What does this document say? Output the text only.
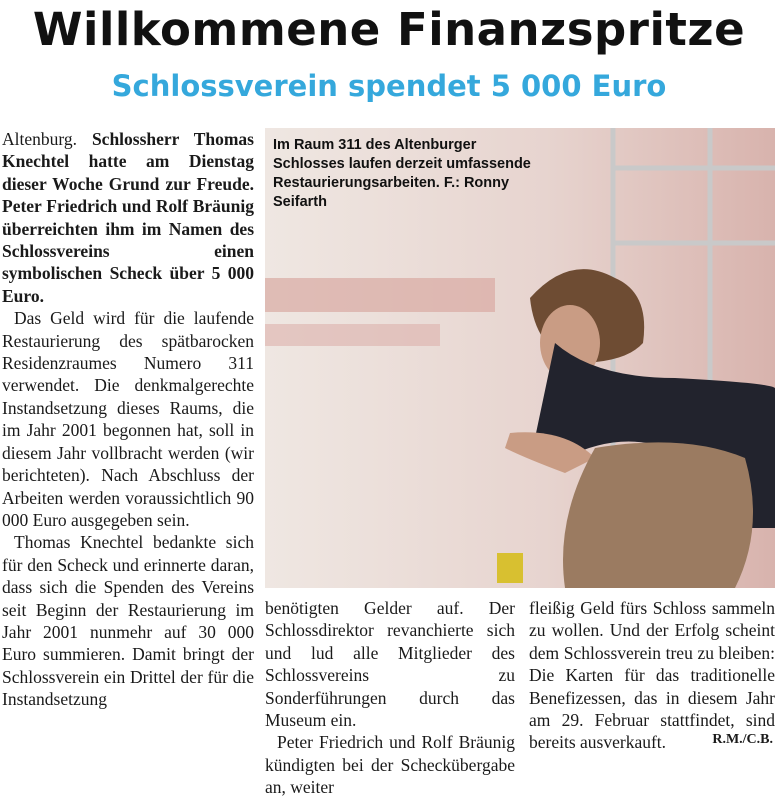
Willkommene Finanzspritze
Schlossverein spendet 5 000 Euro

Altenburg. Schlossherr Thomas Knechtel hatte am Dienstag dieser Woche Grund zur Freude. Peter Friedrich und Rolf Bräunig überreichten ihm im Namen des Schlossvereins einen symbolischen Scheck über 5 000 Euro.

Das Geld wird für die laufende Restaurierung des spätbarocken Residenzraumes Numero 311 verwendet. Die denkmalgerechte Instandsetzung dieses Raums, die im Jahr 2001 begonnen hat, soll in diesem Jahr vollbracht werden (wir berichteten). Nach Abschluss der Arbeiten werden voraussichtlich 90 000 Euro ausgegeben sein.

Thomas Knechtel bedankte sich für den Scheck und erinnerte daran, dass sich die Spenden des Vereins seit Beginn der Restaurierung im Jahr 2001 nunmehr auf 30 000 Euro summieren. Damit bringt der Schlossverein ein Drittel der für die Instandsetzung

Im Raum 311 des Altenburger Schlosses laufen derzeit umfassende Restaurierungsarbeiten. F.: Ronny Seifarth

benötigten Gelder auf. Der Schlossdirektor revanchierte sich und lud alle Mitglieder des Schlossvereins zu Sonderführungen durch das Museum ein.

Peter Friedrich und Rolf Bräunig kündigten bei der Scheckübergabe an, weiter

fleißig Geld fürs Schloss sammeln zu wollen. Und der Erfolg scheint dem Schlossverein treu zu bleiben: Die Karten für das traditionelle Benefizessen, das in diesem Jahr am 29. Februar stattfindet, sind bereits ausverkauft.	R.M./C.B.
